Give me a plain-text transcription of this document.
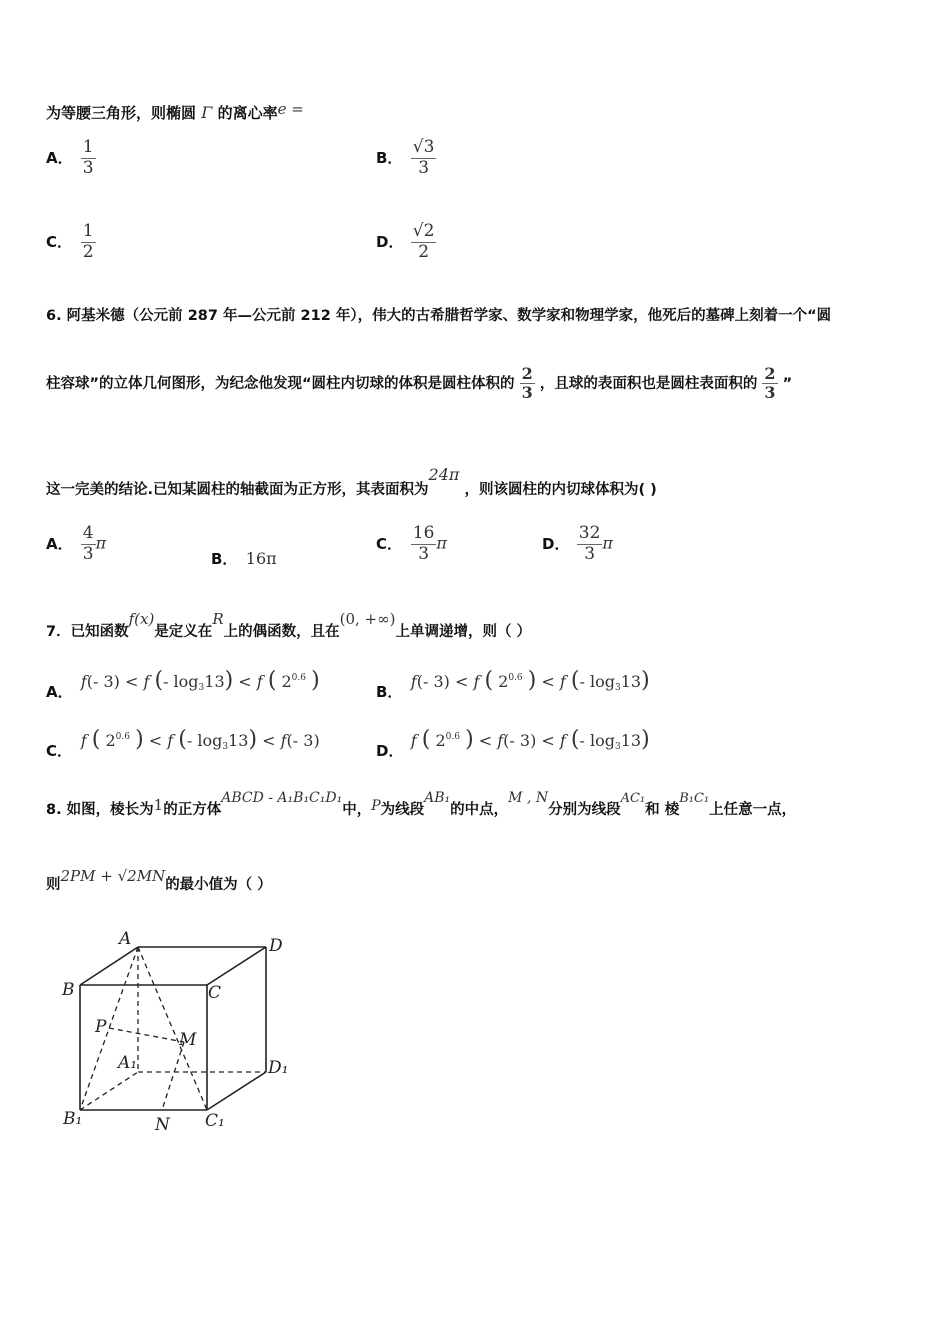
为等腰三角形，则椭圆 Γ 的离心率e =
A． $\frac{1}{3}$	B． $\frac{√3}{3}$
C． $\frac{1}{2}$	D． $\frac{√2}{2}$
6. 阿基米德（公元前 287 年—公元前 212 年），伟大的古希腊哲学家、数学家和物理学家，他死后的墓碑上刻着一个“圆
柱容球”的立体几何图形，为纪念他发现“圆柱内切球的体积是圆柱体积的 $\frac{2}{3}$ ，且球的表面积也是圆柱表面积的 $\frac{2}{3}$ ”
这一完美的结论.已知某圆柱的轴截面为正方形，其表面积为24π ，则该圆柱的内切球体积为( )
A． $\frac{4}{3}$ π
B． 16π
C． $\frac{16}{3}$ π	D． $\frac{32}{3}$ π
7．已知函数f(x)是定义在R上的偶函数，且在(0, +∞)上单调递增，则（ ）
A． f(- 3) < f (- $\log_313) < f$ ( $2^{0.6}$ )	B． f(- 3) < f ( $2^{0.6}$ ) < f (- $\log_313$)
C． f ( $2^{0.6}$ ) < f (- $\log_313) < f(-$ 3)
D． f ( $2^{0.6}$ ) < f(- 3) < f (- $\log_313$)
8. 如图，棱长为1的正方体ABCD - A₁B₁C₁D₁中，P为线段AB₁的中点，M , N分别为线段AC₁和 棱B₁C₁上任意一点，
则2PM + √2MN的最小值为（ ）
A	D
B	C
P
M
A₁	D₁
B₁	N C₁
